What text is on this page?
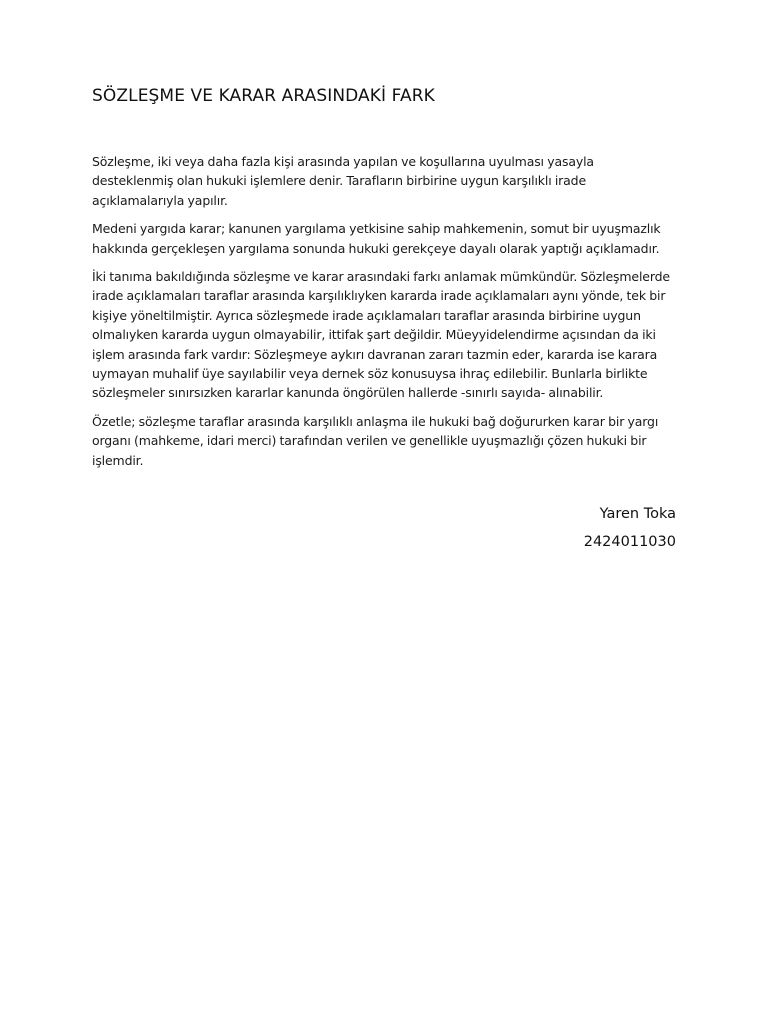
SÖZLEŞME VE KARAR ARASINDAKİ FARK

Sözleşme, iki veya daha fazla kişi arasında yapılan ve koşullarına uyulması yasayla desteklenmiş olan hukuki işlemlere denir. Tarafların birbirine uygun karşılıklı irade açıklamalarıyla yapılır.

Medeni yargıda karar; kanunen yargılama yetkisine sahip mahkemenin, somut bir uyuşmazlık hakkında gerçekleşen yargılama sonunda hukuki gerekçeye dayalı olarak yaptığı açıklamadır.

İki tanıma bakıldığında sözleşme ve karar arasındaki farkı anlamak mümkündür. Sözleşmelerde irade açıklamaları taraflar arasında karşılıklıyken kararda irade açıklamaları aynı yönde, tek bir kişiye yöneltilmiştir. Ayrıca sözleşmede irade açıklamaları taraflar arasında birbirine uygun olmalıyken kararda uygun olmayabilir, ittifak şart değildir. Müeyyidelendirme açısından da iki işlem arasında fark vardır: Sözleşmeye aykırı davranan zararı tazmin eder, kararda ise karara uymayan muhalif üye sayılabilir veya dernek söz konusuysa ihraç edilebilir. Bunlarla birlikte sözleşmeler sınırsızken kararlar kanunda öngörülen hallerde -sınırlı sayıda- alınabilir.

Özetle; sözleşme taraflar arasında karşılıklı anlaşma ile hukuki bağ doğururken karar bir yargı organı (mahkeme, idari merci) tarafından verilen ve genellikle uyuşmazlığı çözen hukuki bir işlemdir.

Yaren Toka

2424011030
